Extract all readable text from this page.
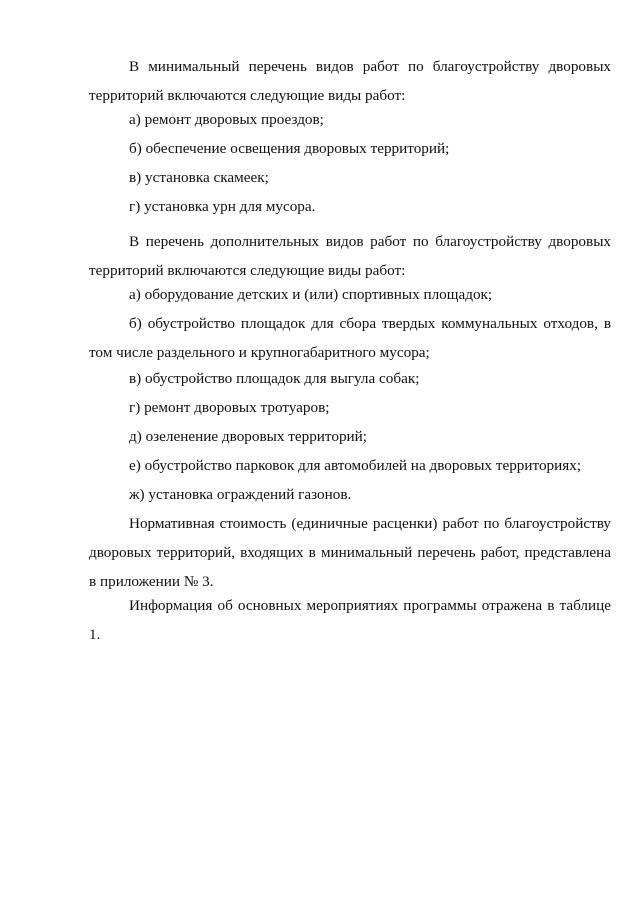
В минимальный перечень видов работ по благоустройству дворовых территорий включаются следующие виды работ:

а) ремонт дворовых проездов;

б) обеспечение освещения дворовых территорий;

в) установка скамеек;

г) установка урн для мусора.

В перечень дополнительных видов работ по благоустройству дворовых территорий включаются следующие виды работ:

а) оборудование детских и (или) спортивных площадок;

б) обустройство площадок для сбора твердых коммунальных отходов, в том числе раздельного и крупногабаритного мусора;

в) обустройство площадок для выгула собак;

г) ремонт дворовых тротуаров;

д) озеленение дворовых территорий;

е) обустройство парковок для автомобилей на дворовых территориях;

ж) установка ограждений газонов.

Нормативная стоимость (единичные расценки) работ по благоустройству дворовых территорий, входящих в минимальный перечень работ, представлена в приложении № 3.

Информация об основных мероприятиях программы отражена в таблице 1.
